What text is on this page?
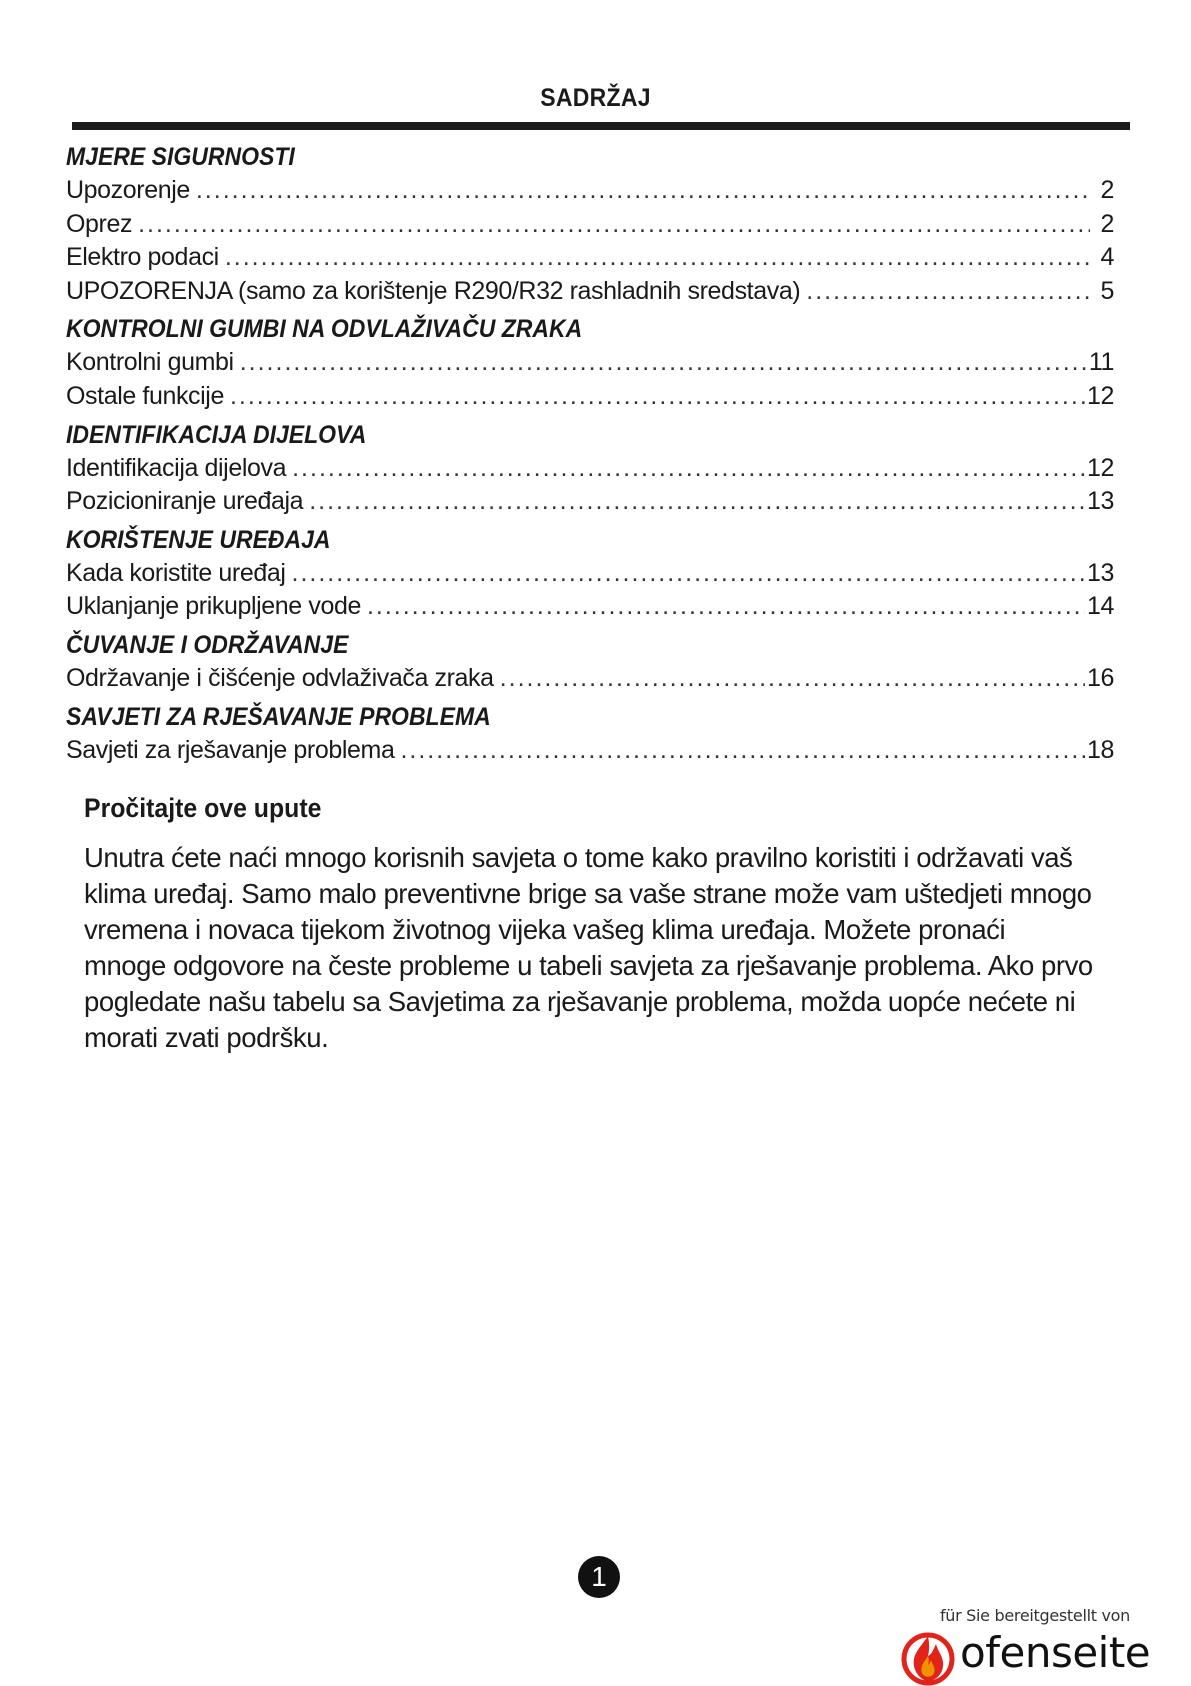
SADRŽAJ
MJERE SIGURNOSTI
Upozorenje .....	2
Oprez .....	2
Elektro podaci .....	4
UPOZORENJA (samo za korištenje R290/R32 rashladnih sredstava) .....	5
KONTROLNI GUMBI NA ODVLAŽIVAČU ZRAKA
Kontrolni gumbi .....	11
Ostale funkcije .....	12
IDENTIFIKACIJA DIJELOVA
Identifikacija dijelova .....	12
Pozicioniranje uređaja .....	13
KORIŠTENJE UREĐAJA
Kada koristite uređaj .....	13
Uklanjanje prikupljene vode .....	14
ČUVANJE I ODRŽAVANJE
Održavanje i čišćenje odvlaživača zraka .....	16
SAVJETI ZA RJEŠAVANJE PROBLEMA
Savjeti za rješavanje problema .....	18
Pročitajte ove upute

Unutra ćete naći mnogo korisnih savjeta o tome kako pravilno koristiti i održavati vaš klima uređaj. Samo malo preventivne brige sa vaše strane može vam uštedjeti mnogo vremena i novaca tijekom životnog vijeka vašeg klima uređaja. Možete pronaći mnoge odgovore na česte probleme u tabeli savjeta za rješavanje problema. Ako prvo pogledate našu tabelu sa Savjetima za rješavanje problema, možda uopće nećete ni morati zvati podršku.

1
für Sie bereitgestellt von
ofenseite
